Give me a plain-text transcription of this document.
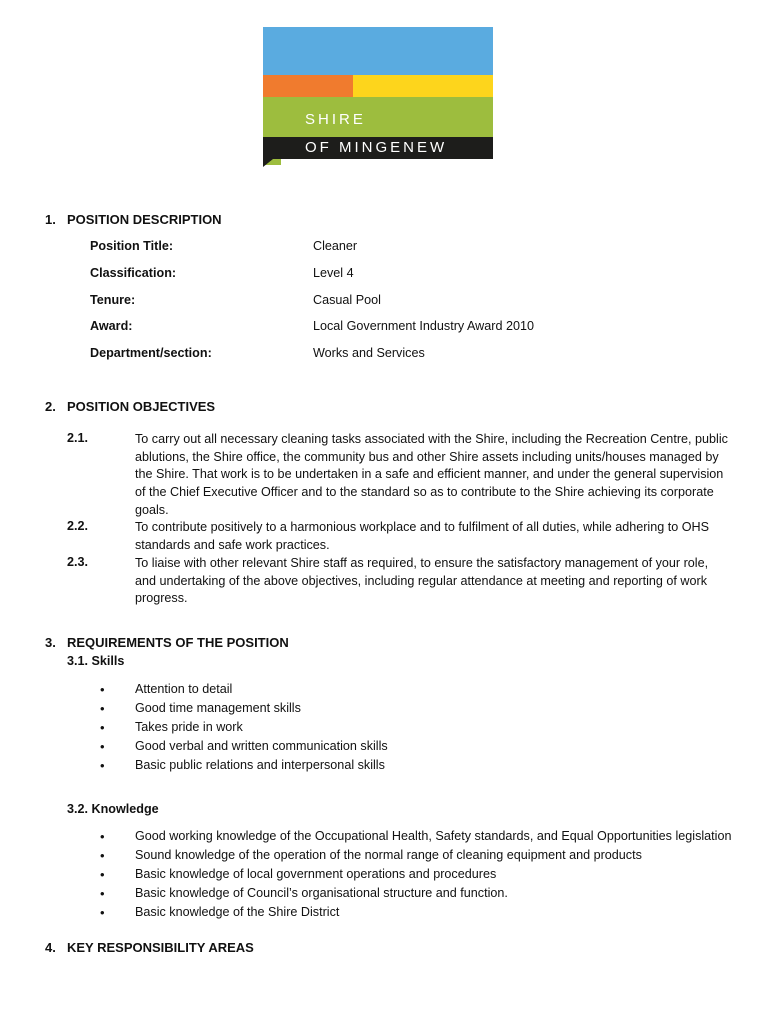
SHIRE
OF MINGENEW
1. POSITION DESCRIPTION
Position Title:	Cleaner
Classification:	Level 4
Tenure:	Casual Pool
Award:	Local Government Industry Award 2010
Department/section:	Works and Services
2. POSITION OBJECTIVES
2.1.	To carry out all necessary cleaning tasks associated with the Shire, including the Recreation Centre, public ablutions, the Shire office, the community bus and other Shire assets including units/houses managed by the Shire. That work is to be undertaken in a safe and efficient manner, and under the general supervision of the Chief Executive Officer and to the standard so as to contribute to the Shire achieving its corporate goals.
2.2.	To contribute positively to a harmonious workplace and to fulfilment of all duties, while adhering to OHS standards and safe work practices.
2.3.	To liaise with other relevant Shire staff as required, to ensure the satisfactory management of your role, and undertaking of the above objectives, including regular attendance at meeting and reporting of work progress.
3. REQUIREMENTS OF THE POSITION
3.1. Skills
• Attention to detail
• Good time management skills
• Takes pride in work
• Good verbal and written communication skills
• Basic public relations and interpersonal skills
3.2. Knowledge
• Good working knowledge of the Occupational Health, Safety standards, and Equal Opportunities legislation
• Sound knowledge of the operation of the normal range of cleaning equipment and products
• Basic knowledge of local government operations and procedures
• Basic knowledge of Council’s organisational structure and function.
• Basic knowledge of the Shire District
4. KEY RESPONSIBILITY AREAS
